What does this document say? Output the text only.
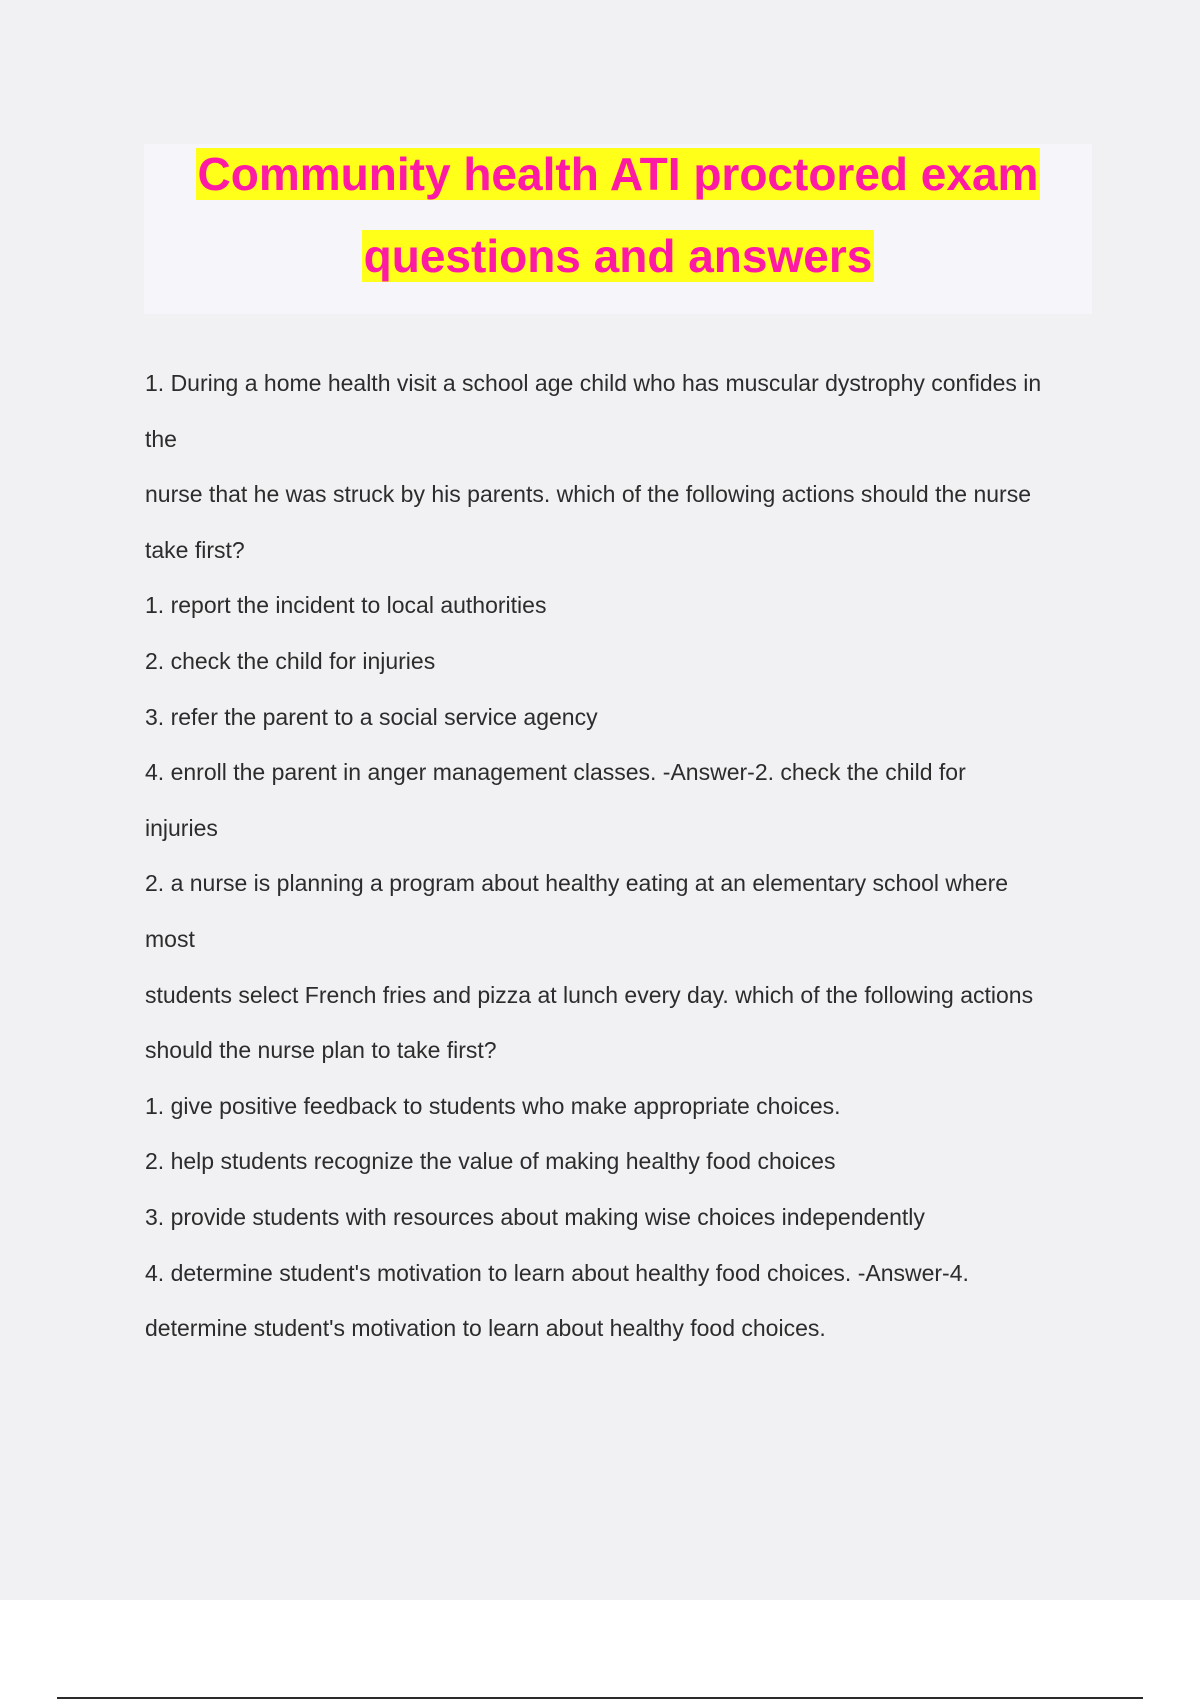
Community health ATI proctored exam
questions and answers
1. During a home health visit a school age child who has muscular dystrophy confides in
the
nurse that he was struck by his parents. which of the following actions should the nurse
take first?
1. report the incident to local authorities
2. check the child for injuries
3. refer the parent to a social service agency
4. enroll the parent in anger management classes. -Answer-2. check the child for
injuries
2. a nurse is planning a program about healthy eating at an elementary school where
most
students select French fries and pizza at lunch every day. which of the following actions
should the nurse plan to take first?
1. give positive feedback to students who make appropriate choices.
2. help students recognize the value of making healthy food choices
3. provide students with resources about making wise choices independently
4. determine student's motivation to learn about healthy food choices. -Answer-4.
determine student's motivation to learn about healthy food choices.
